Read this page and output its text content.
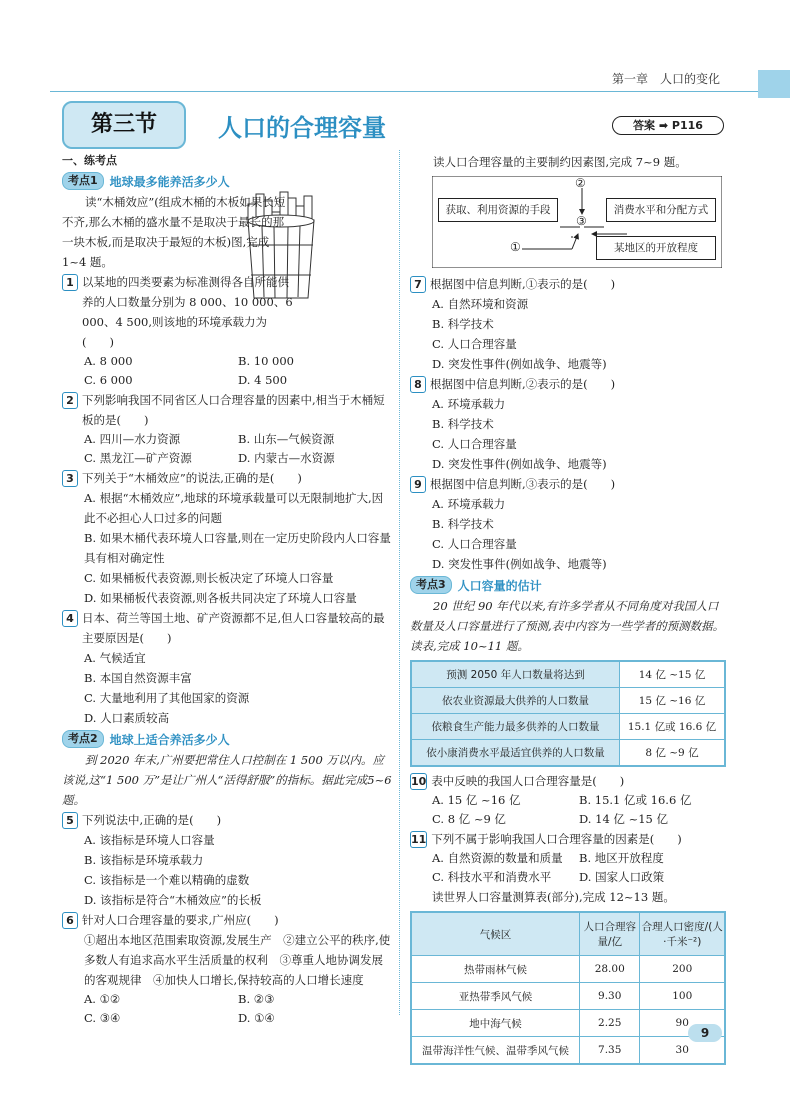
第一章　人口的变化
第三节	人口的合理容量	答案 ➡ P116

一、练考点

考点1	地球最多能养活多少人

读“木桶效应”(组成木桶的木板如果长短不齐,那么木桶的盛水量不是取决于最长的那一块木板,而是取决于最短的木板)图,完成 1~4 题。

1 以某地的四类要素为标准测得各自所能供养的人口数量分别为 8 000、10 000、6 000、4 500,则该地的环境承载力为(　　)

A. 8 000	B. 10 000
C. 6 000	D. 4 500
2 下列影响我国不同省区人口合理容量的因素中,相当于木桶短板的是(　　)

A. 四川—水力资源	B. 山东—气候资源
C. 黑龙江—矿产资源	D. 内蒙古—水资源
3 下列关于“木桶效应”的说法,正确的是(　　)

A. 根据“木桶效应”,地球的环境承载量可以无限制地扩大,因此不必担心人口过多的问题

B. 如果木桶代表环境人口容量,则在一定历史阶段内人口容量具有相对确定性

C. 如果桶板代表资源,则长板决定了环境人口容量

D. 如果桶板代表资源,则各板共同决定了环境人口容量

4 日本、荷兰等国土地、矿产资源都不足,但人口容量较高的最主要原因是(　　)

A. 气候适宜

B. 本国自然资源丰富

C. 大量地利用了其他国家的资源

D. 人口素质较高

考点2	地球上适合养活多少人

到 2020 年末,广州要把常住人口控制在 1 500 万以内。应该说,这“1 500 万”是让广州人“活得舒服”的指标。据此完成5~6 题。

5 下列说法中,正确的是(　　)

A. 该指标是环境人口容量

B. 该指标是环境承载力

C. 该指标是一个难以精确的虚数

D. 该指标是符合“木桶效应”的长板

6 针对人口合理容量的要求,广州应(　　)

①超出本地区范围索取资源,发展生产　②建立公平的秩序,使多数人有追求高水平生活质量的权利　③尊重人地协调发展的客观规律　④加快人口增长,保持较高的人口增长速度

A. ①②	B. ②③
C. ③④	D. ①④

读人口合理容量的主要制约因素图,完成 7~9 题。

②
获取、利用资源的手段	消费水平和分配方式
③
①	某地区的开放程度
7 根据图中信息判断,①表示的是(　　)

A. 自然环境和资源

B. 科学技术

C. 人口合理容量

D. 突发性事件(例如战争、地震等)

8 根据图中信息判断,②表示的是(　　)

A. 环境承载力

B. 科学技术

C. 人口合理容量

D. 突发性事件(例如战争、地震等)

9 根据图中信息判断,③表示的是(　　)

A. 环境承载力

B. 科学技术

C. 人口合理容量

D. 突发性事件(例如战争、地震等)

考点3	人口容量的估计

20 世纪 90 年代以来,有许多学者从不同角度对我国人口数量及人口容量进行了预测,表中内容为一些学者的预测数据。读表,完成 10~11 题。

预测 2050 年人口数量将达到	14 亿 ~15 亿
依农业资源最大供养的人口数量	15 亿 ~16 亿
依粮食生产能力最多供养的人口数量	15.1 亿或 16.6 亿
依小康消费水平最适宜供养的人口数量	8 亿 ~9 亿
10 表中反映的我国人口合理容量是(　　)

A. 15 亿 ~16 亿	B. 15.1 亿或 16.6 亿
C. 8 亿 ~9 亿	D. 14 亿 ~15 亿
11 下列不属于影响我国人口合理容量的因素是(　　)

A. 自然资源的数量和质量	B. 地区开放程度
C. 科技水平和消费水平	D. 国家人口政策

读世界人口容量测算表(部分),完成 12~13 题。

气候区	人口合理容量/亿	合理人口密度/(人·千米⁻²)
热带雨林气候	28.00	200
亚热带季风气候	9.30	100
地中海气候	2.25	90
温带海洋性气候、温带季风气候	7.35	30
9
